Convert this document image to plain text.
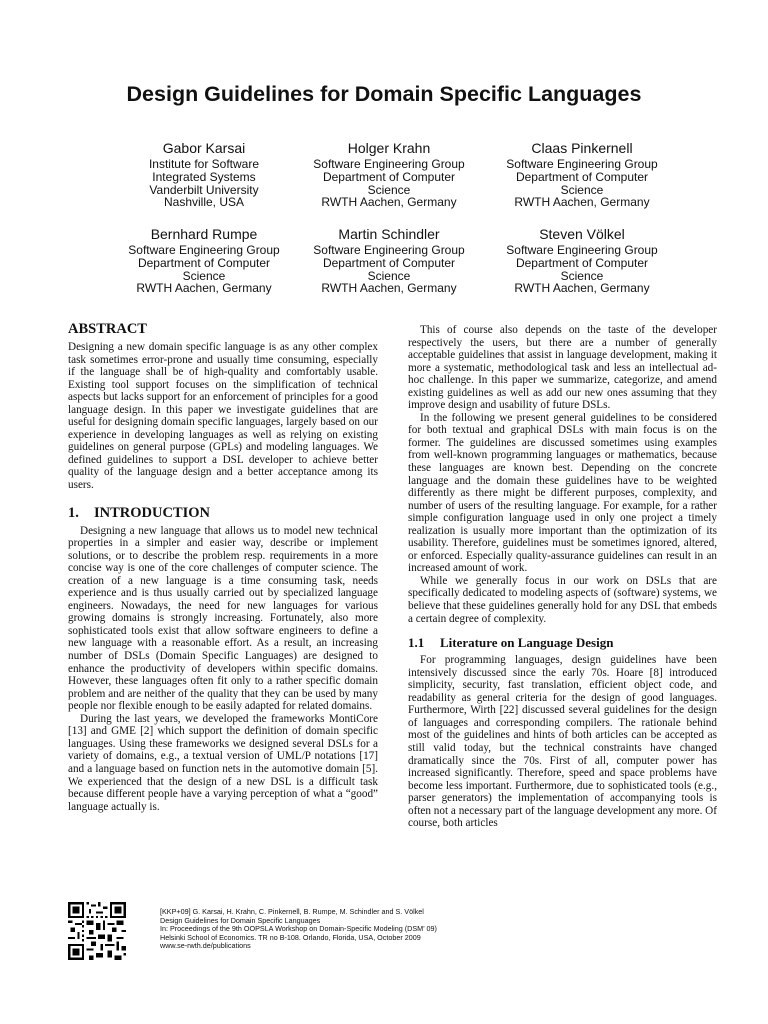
Design Guidelines for Domain Specific Languages
Gabor Karsai
Institute for Software
Integrated Systems
Vanderbilt University
Nashville, USA
Holger Krahn
Software Engineering Group
Department of Computer
Science
RWTH Aachen, Germany
Claas Pinkernell
Software Engineering Group
Department of Computer
Science
RWTH Aachen, Germany
Bernhard Rumpe
Software Engineering Group
Department of Computer
Science
RWTH Aachen, Germany
Martin Schindler
Software Engineering Group
Department of Computer
Science
RWTH Aachen, Germany
Steven Völkel
Software Engineering Group
Department of Computer
Science
RWTH Aachen, Germany
ABSTRACT

Designing a new domain specific language is as any other complex task sometimes error-prone and usually time consuming, especially if the language shall be of high-quality and comfortably usable. Existing tool support focuses on the simplification of technical aspects but lacks support for an enforcement of principles for a good language design. In this paper we investigate guidelines that are useful for designing domain specific languages, largely based on our experience in developing languages as well as relying on existing guidelines on general purpose (GPLs) and modeling languages. We defined guidelines to support a DSL developer to achieve better quality of the language design and a better acceptance among its users.

1. INTRODUCTION

Designing a new language that allows us to model new technical properties in a simpler and easier way, describe or implement solutions, or to describe the problem resp. requirements in a more concise way is one of the core challenges of computer science. The creation of a new language is a time consuming task, needs experience and is thus usually carried out by specialized language engineers. Nowadays, the need for new languages for various growing domains is strongly increasing. Fortunately, also more sophisticated tools exist that allow software engineers to define a new language with a reasonable effort. As a result, an increasing number of DSLs (Domain Specific Languages) are designed to enhance the productivity of developers within specific domains. However, these languages often fit only to a rather specific domain problem and are neither of the quality that they can be used by many people nor flexible enough to be easily adapted for related domains.

During the last years, we developed the frameworks MontiCore [13] and GME [2] which support the definition of domain specific languages. Using these frameworks we designed several DSLs for a variety of domains, e.g., a textual version of UML/P notations [17] and a language based on function nets in the automotive domain [5]. We experienced that the design of a new DSL is a difficult task because different people have a varying perception of what a “good” language actually is.

This of course also depends on the taste of the developer respectively the users, but there are a number of generally acceptable guidelines that assist in language development, making it more a systematic, methodological task and less an intellectual ad-hoc challenge. In this paper we summarize, categorize, and amend existing guidelines as well as add our new ones assuming that they improve design and usability of future DSLs.

In the following we present general guidelines to be considered for both textual and graphical DSLs with main focus is on the former. The guidelines are discussed sometimes using examples from well-known programming languages or mathematics, because these languages are known best. Depending on the concrete language and the domain these guidelines have to be weighted differently as there might be different purposes, complexity, and number of users of the resulting language. For example, for a rather simple configuration language used in only one project a timely realization is usually more important than the optimization of its usability. Therefore, guidelines must be sometimes ignored, altered, or enforced. Especially quality-assurance guidelines can result in an increased amount of work.

While we generally focus in our work on DSLs that are specifically dedicated to modeling aspects of (software) systems, we believe that these guidelines generally hold for any DSL that embeds a certain degree of complexity.

1.1 Literature on Language Design

For programming languages, design guidelines have been intensively discussed since the early 70s. Hoare [8] introduced simplicity, security, fast translation, efficient object code, and readability as general criteria for the design of good languages. Furthermore, Wirth [22] discussed several guidelines for the design of languages and corresponding compilers. The rationale behind most of the guidelines and hints of both articles can be accepted as still valid today, but the technical constraints have changed dramatically since the 70s. First of all, computer power has increased significantly. Therefore, speed and space problems have become less important. Furthermore, due to sophisticated tools (e.g., parser generators) the implementation of accompanying tools is often not a necessary part of the language development any more. Of course, both articles

[KKP+09] G. Karsai, H. Krahn, C. Pinkernell, B. Rumpe, M. Schindler and S. Völkel
Design Guidelines for Domain Specific Languages
In: Proceedings of the 9th OOPSLA Workshop on Domain-Specific Modeling (DSM’ 09)
Helsinki School of Economics. TR no B-108. Orlando, Florida, USA, October 2009
www.se-rwth.de/publications
